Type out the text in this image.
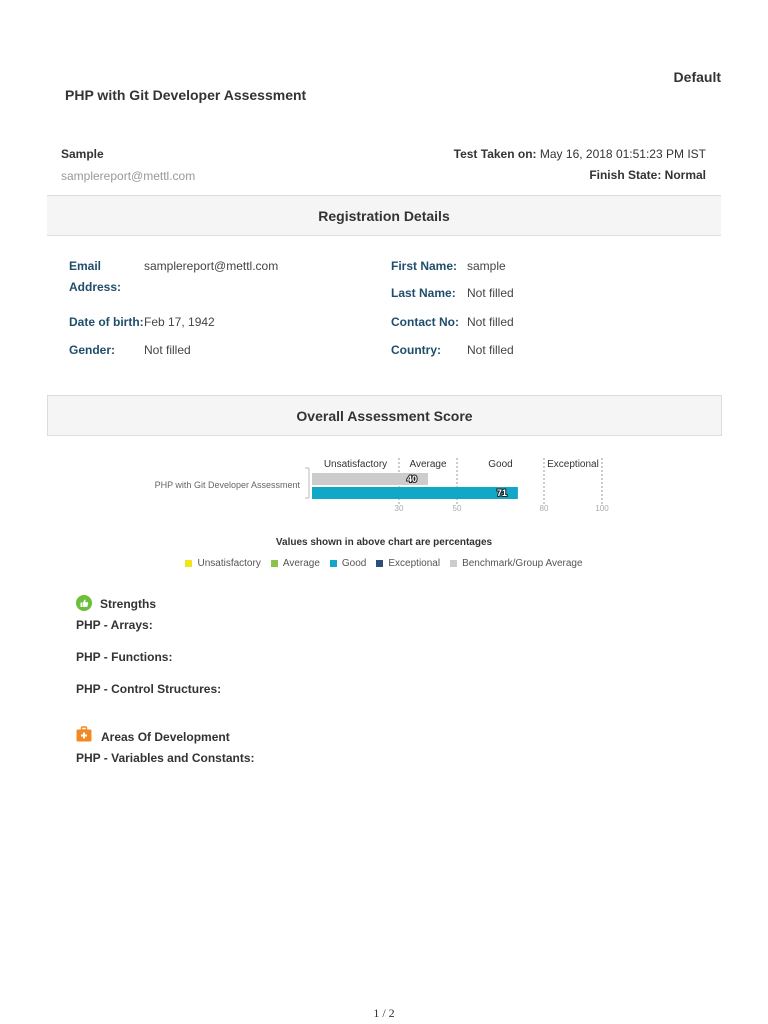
Default
PHP with Git Developer Assessment
Sample
samplereport@mettl.com
Test Taken on: May 16, 2018 01:51:23 PM IST
Finish State: Normal
Registration Details
Email
Address:
samplereport@mettl.com
Date of birth: Feb 17, 1942
Gender: Not filled
First Name: sample
Last Name: Not filled
Contact No: Not filled
Country: Not filled
Overall Assessment Score
Unsatisfactory Average	Good	Exceptional
PHP with Git Developer Assessment
40
71
30	50	80	100
Values shown in above chart are percentages
Unsatisfactory Average Good Exceptional Benchmark/Group Average
Strengths
PHP - Arrays:
PHP - Functions:
PHP - Control Structures:
Areas Of Development
PHP - Variables and Constants:
1 / 2
